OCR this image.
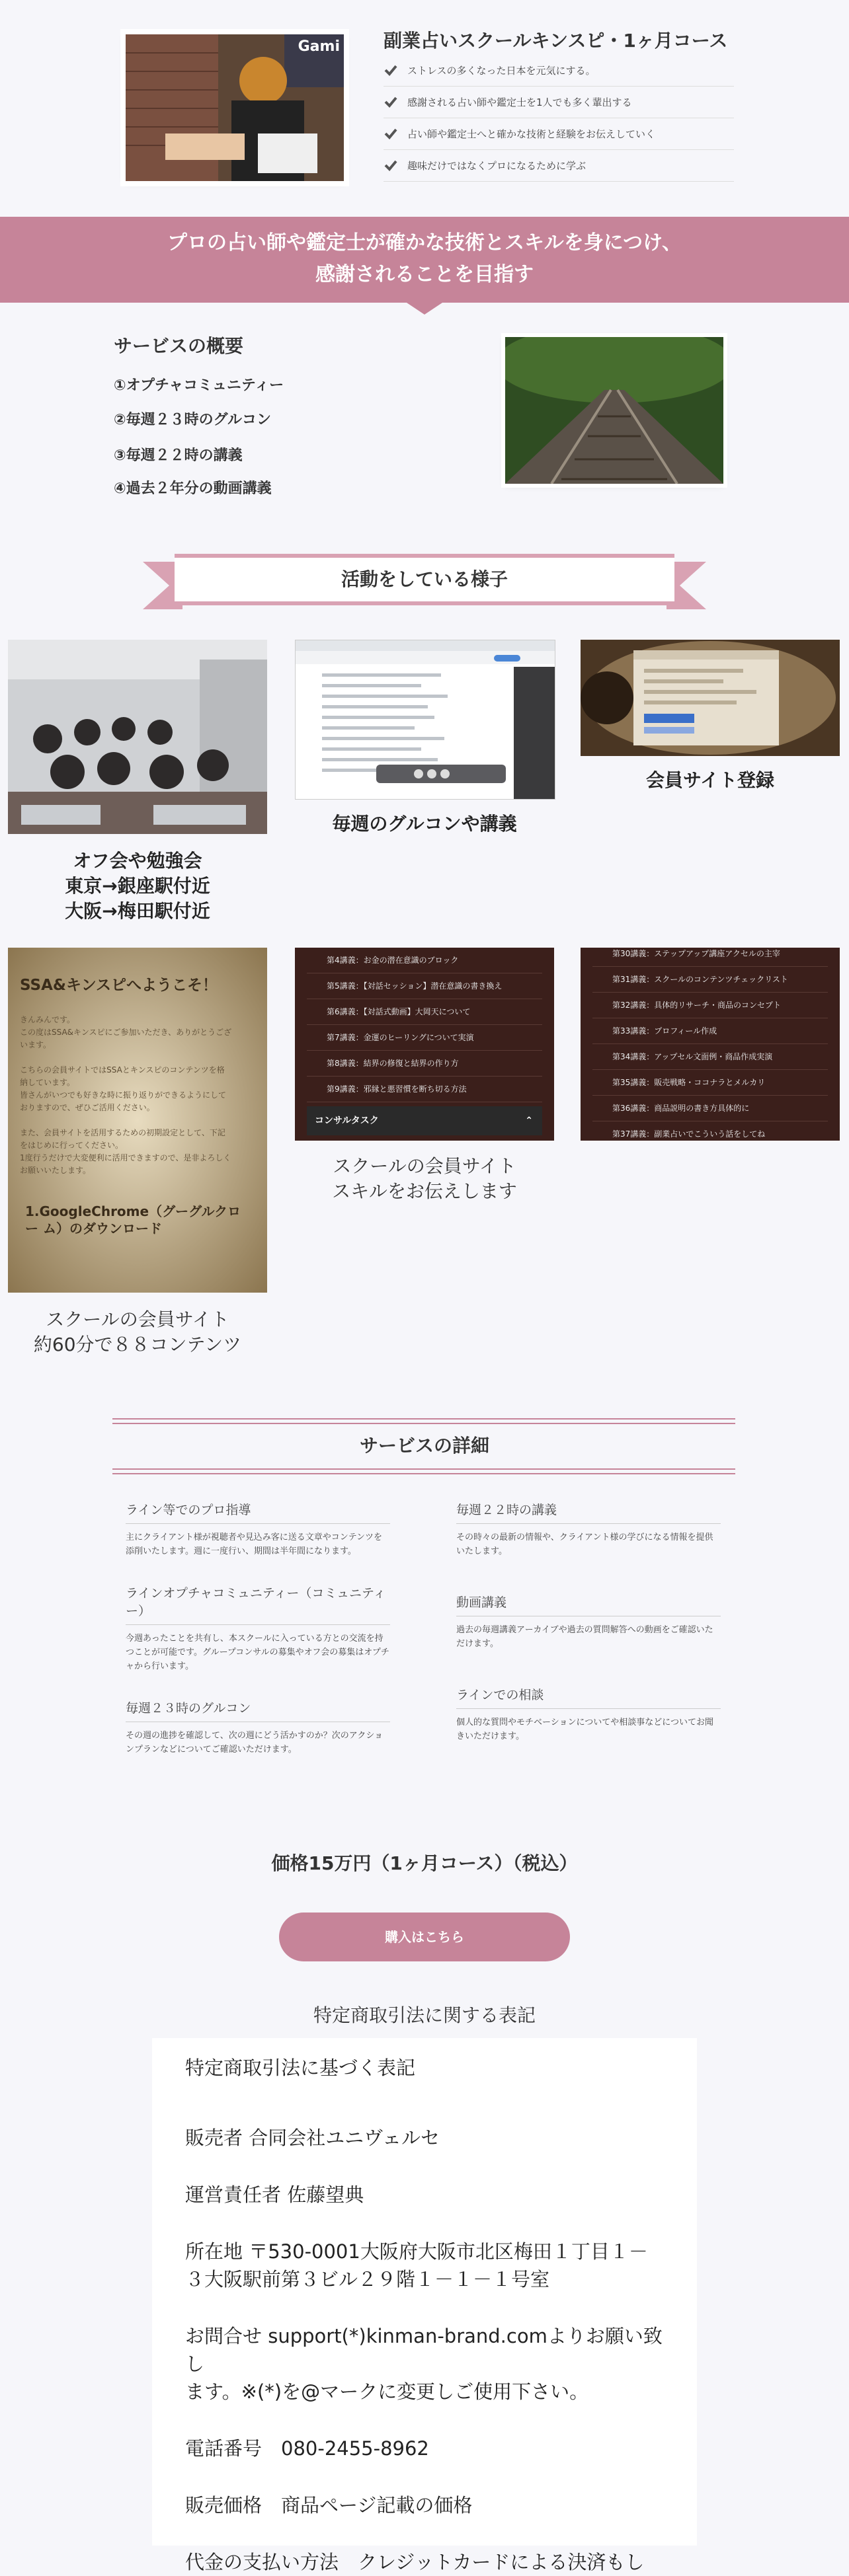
Gami 副業占いスクールキンスピ・1ヶ月コース
ストレスの多くなった日本を元気にする。
感謝される占い師や鑑定士を1人でも多く輩出する
占い師や鑑定士へと確かな技術と経験をお伝えしていく
趣味だけではなくプロになるために学ぶ
プロの占い師や鑑定士が確かな技術とスキルを身につけ、
感謝されることを目指す
サービスの概要
①オプチャコミュニティー
②毎週２３時のグルコン
③毎週２２時の講義
④過去２年分の動画講義
活動をしている様子
オフ会や勉強会
東京→銀座駅付近
大阪→梅田駅付近
毎週のグルコンや講義
会員サイト登録
SSA&キンスピへようこそ！
きんみんです。
この度はSSA&キンスピにご参加いただき、ありがとうござ
います。
こちらの会員サイトではSSAとキンスピのコンテンツを格
納しています。
皆さんがいつでも好きな時に振り返りができるようにして
おりますので、ぜひご活用ください。
また、会員サイトを活用するための初期設定として、下記
をはじめに行ってください。
1度行うだけで大変便利に活用できますので、是非よろしく
お願いいたします。
1.GoogleChrome（グーグルクロー ム）のダウンロード
スクールの会員サイト
約60分で８８コンテンツ
第4講義：お金の潜在意識のブロック
第5講義：【対話セッション】潜在意識の書き換え
第6講義：【対話式動画】大岡天について
第7講義：金運のヒーリングについて実演
第8講義：結界の修復と結界の作り方
第9講義：邪縁と悪習慣を断ち切る方法
コンサルタスク	⌃
スクールの会員サイト
スキルをお伝えします
第30講義：ステップアップ講座アクセルの主宰
第31講義：スクールのコンテンツチェックリスト
第32講義：具体的リサーチ・商品のコンセプト
第33講義：プロフィール作成
第34講義：アップセル文面例・商品作成実演
第35講義：販売戦略・ココナラとメルカリ
第36講義：商品説明の書き方具体的に
第37講義：副業占いでこういう話をしてね
サービスの詳細
ライン等でのプロ指導
主にクライアント様が視聴者や見込み客に送る文章やコンテンツを添削いたします。週に一度行い、期間は半年間になります。
ラインオプチャコミュニティー（コミュニティー）
今週あったことを共有し、本スクールに入っている方との交流を持つことが可能です。グループコンサルの募集やオフ会の募集はオプチャから行います。
毎週２３時のグルコン
その週の進捗を確認して、次の週にどう活かすのか？次のアクションプランなどについてご確認いただけます。
毎週２２時の講義
その時々の最新の情報や、クライアント様の学びになる情報を提供いたします。
動画講義
過去の毎週講義アーカイブや過去の質問解答への動画をご確認いただけます。
ラインでの相談
個人的な質問やモチベーションについてや相談事などについてお聞きいただけます。
価格15万円（1ヶ月コース）（税込）
購入はこちら
特定商取引法に関する表記
特定商取引法に基づく表記
販売者 合同会社ユニヴェルセ
運営責任者 佐藤望典
所在地 〒530-0001大阪府大阪市北区梅田１丁目１－
３大阪駅前第３ビル２９階１－１－１号室
お問合せ support(*)kinman-brand.comよりお願い致し
ます。※(*)を@マークに変更しご使用下さい。
電話番号　080-2455-8962
販売価格　商品ページ記載の価格
代金の支払い方法　クレジットカードによる決済もし
